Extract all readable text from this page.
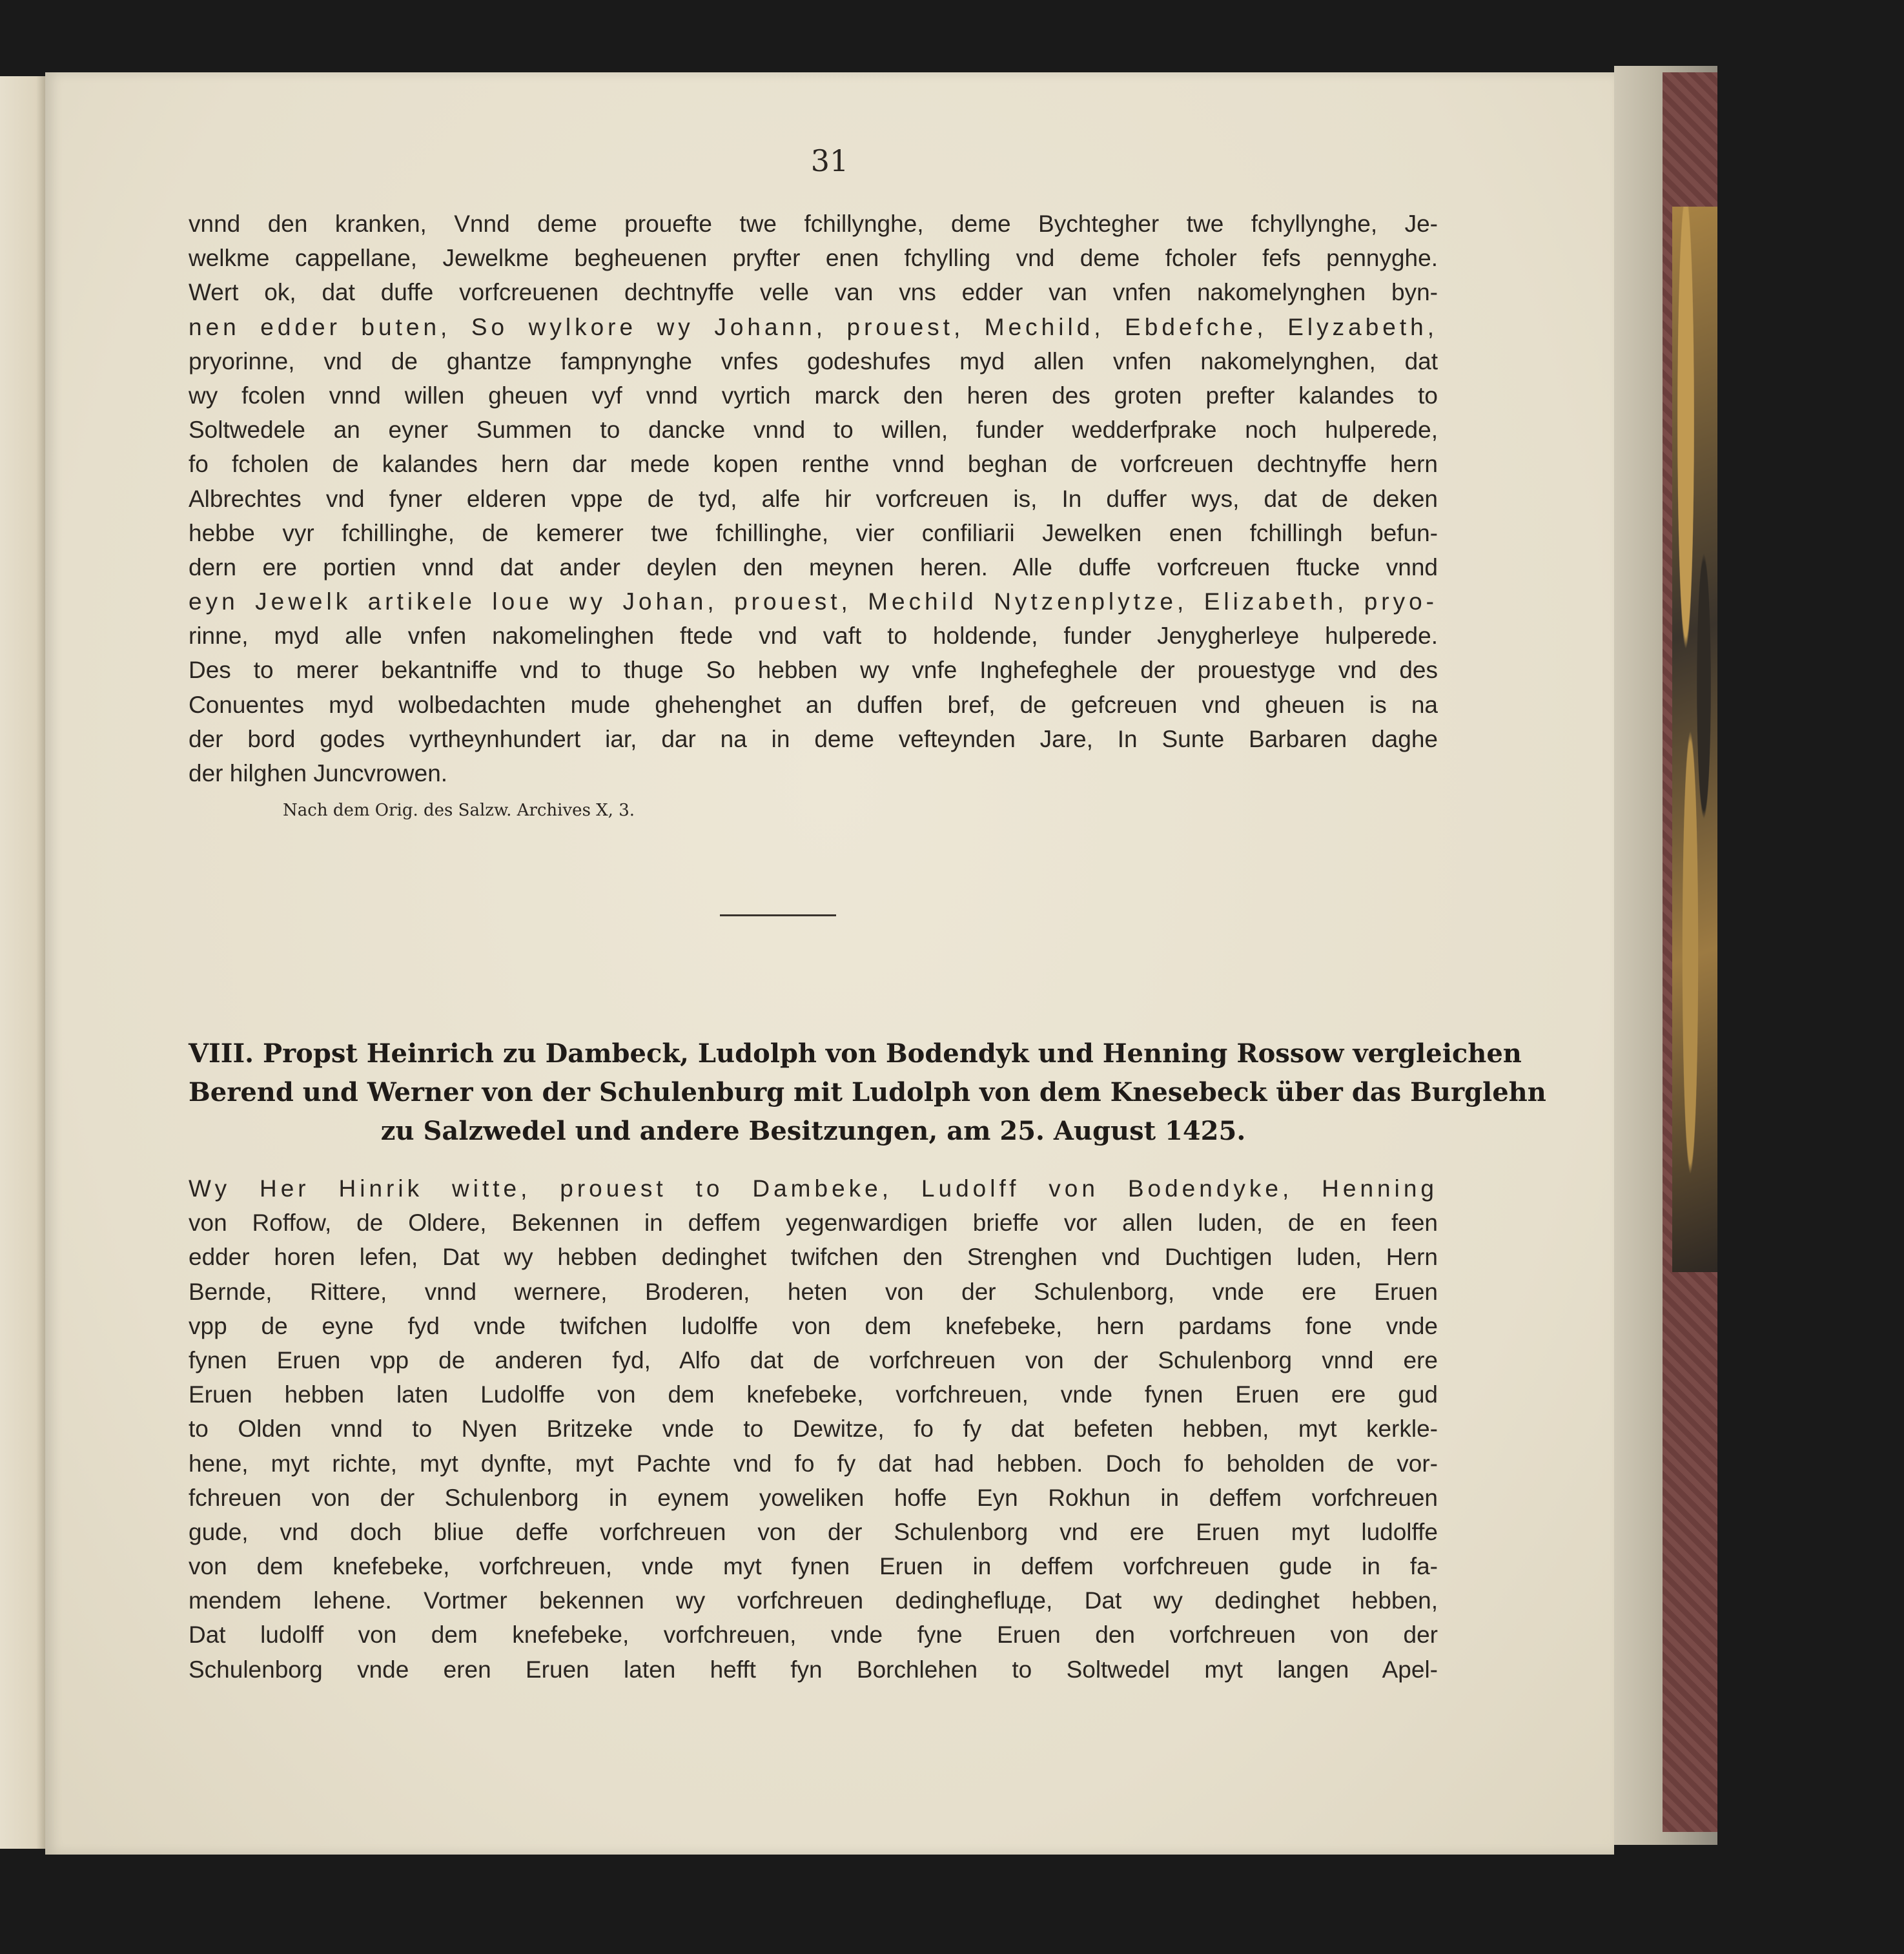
31
vnnd den kranken, Vnnd deme prouefte twe fchillynghe, deme Bychtegher twe fchyllynghe, Je-
welkme cappellane, Jewelkme begheuenen pryfter enen fchylling vnd deme fcholer fefs pennyghe.
Wert ok, dat duffe vorfcreuenen dechtnyffe velle van vns edder van vnfen nakomelynghen byn-
nen edder buten, So wylkore wy Johann, prouest, Mechild, Ebdefche, Elyzabeth,
pryorinne, vnd de ghantze fampnynghe vnfes godeshufes myd allen vnfen nakomelynghen, dat
wy fcolen vnnd willen gheuen vyf vnnd vyrtich marck den heren des groten prefter kalandes to
Soltwedele an eyner Summen to dancke vnnd to willen, funder wedderfprake noch hulperede,
fo fcholen de kalandes hern dar mede kopen renthe vnnd beghan de vorfcreuen dechtnyffe hern
Albrechtes vnd fyner elderen vppe de tyd, alfe hir vorfcreuen is, In duffer wys, dat de deken
hebbe vyr fchillinghe, de kemerer twe fchillinghe, vier confiliarii Jewelken enen fchillingh befun-
dern ere portien vnnd dat ander deylen den meynen heren. Alle duffe vorfcreuen ftucke vnnd
eyn Jewelk artikele loue wy Johan, prouest, Mechild Nytzenplytze, Elizabeth, pryo-
rinne, myd alle vnfen nakomelinghen ftede vnd vaft to holdende, funder Jenygherleye hulperede.
Des to merer bekantniffe vnd to thuge So hebben wy vnfe Inghefeghele der prouestyge vnd des
Conuentes myd wolbedachten mude ghehenghet an duffen bref, de gefcreuen vnd gheuen is na
der bord godes vyrtheynhundert iar, dar na in deme vefteynden Jare, In Sunte Barbaren daghe
der hilghen Juncvrowen.
Nach dem Orig. des Salzw. Archives X, 3.
VIII. Propst Heinrich zu Dambeck, Ludolph von Bodendyk und Henning Rossow vergleichen
Berend und Werner von der Schulenburg mit Ludolph von dem Knesebeck über das Burglehn
zu Salzwedel und andere Besitzungen, am 25. August 1425.
Wy Her Hinrik witte, prouest to Dambeke, Ludolff von Bodendyke, Henning
von Roffow, de Oldere, Bekennen in deffem yegenwardigen brieffe vor allen luden, de en feen
edder horen lefen, Dat wy hebben dedinghet twifchen den Strenghen vnd Duchtigen luden, Hern
Bernde, Rittere, vnnd wernere, Broderen, heten von der Schulenborg, vnde ere Eruen
vpp de eyne fyd vnde twifchen ludolffe von dem knefebeke, hern pardams fone vnde
fynen Eruen vpp de anderen fyd, Alfo dat de vorfchreuen von der Schulenborg vnnd ere
Eruen hebben laten Ludolffe von dem knefebeke, vorfchreuen, vnde fynen Eruen ere gud
to Olden vnnd to Nyen Britzeke vnde to Dewitze, fo fy dat befeten hebben, myt kerkle-
hene, myt richte, myt dynfte, myt Pachte vnd fo fy dat had hebben. Doch fo beholden de vor-
fchreuen von der Schulenborg in eynem yoweliken hoffe Eyn Rokhun in deffem vorfchreuen
gude, vnd doch bliue deffe vorfchreuen von der Schulenborg vnd ere Eruen myt ludolffe
von dem knefebeke, vorfchreuen, vnde myt fynen Eruen in deffem vorfchreuen gude in fa-
mendem lehene. Vortmer bekennen wy vorfchreuen dedinghefluде, Dat wy dedinghet hebben,
Dat ludolff von dem knefebeke, vorfchreuen, vnde fyne Eruen den vorfchreuen von der
Schulenborg vnde eren Eruen laten hefft fyn Borchlehen to Soltwedel myt langen Apel-
